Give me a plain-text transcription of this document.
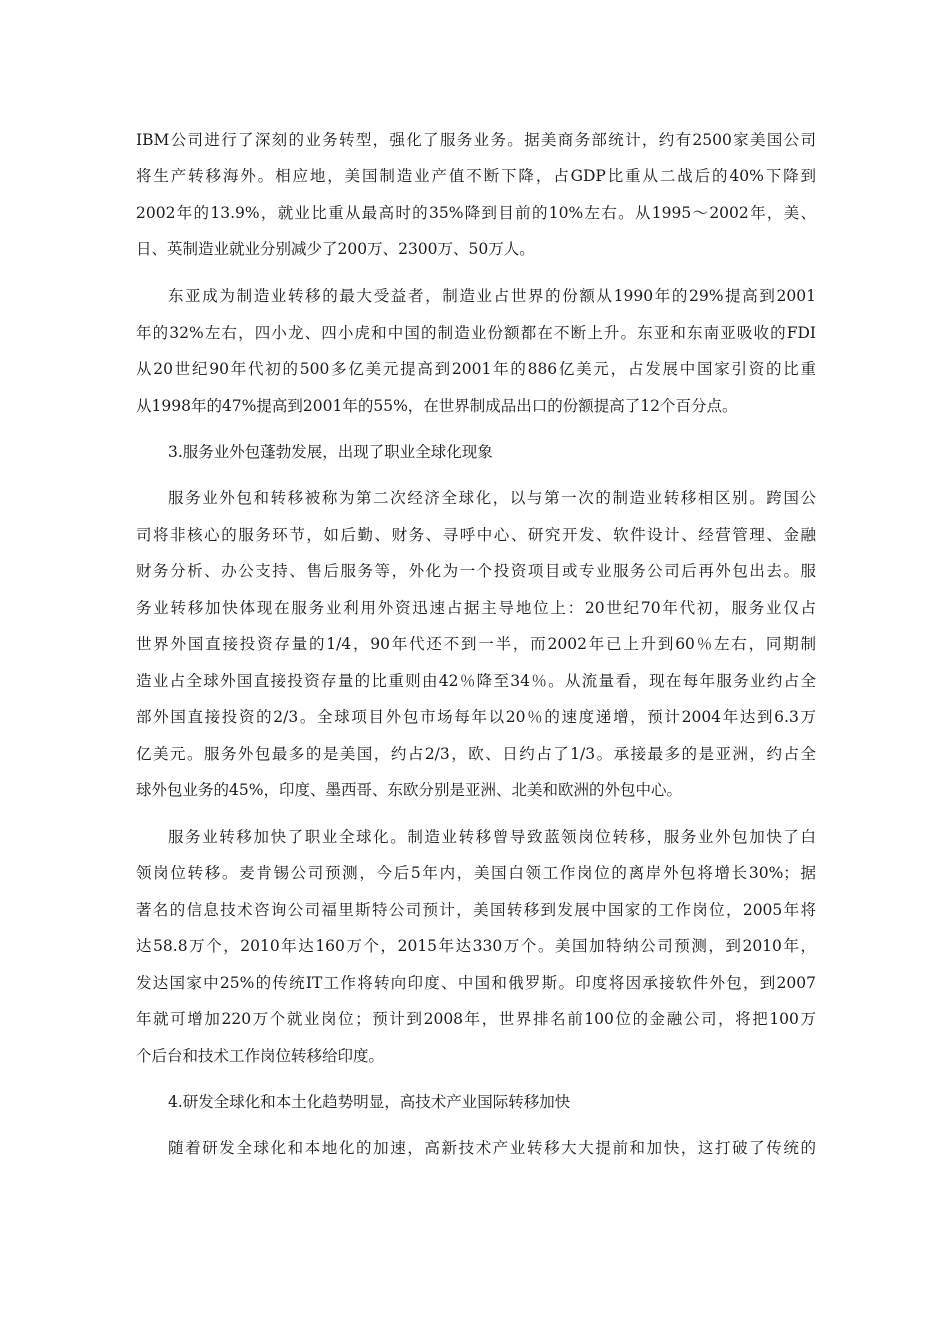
IBM公司进行了深刻的业务转型，强化了服务业务。据美商务部统计，约有2500家美国公司
将生产转移海外。相应地，美国制造业产值不断下降，占GDP比重从二战后的40%下降到
2002年的13.9%，就业比重从最高时的35%降到目前的10%左右。从1995～2002年，美、
日、英制造业就业分别减少了200万、2300万、50万人。
东亚成为制造业转移的最大受益者，制造业占世界的份额从1990年的29%提高到2001
年的32%左右，四小龙、四小虎和中国的制造业份额都在不断上升。东亚和东南亚吸收的FDI
从20世纪90年代初的500多亿美元提高到2001年的886亿美元，占发展中国家引资的比重
从1998年的47%提高到2001年的55%，在世界制成品出口的份额提高了12个百分点。
3.服务业外包蓬勃发展，出现了职业全球化现象
服务业外包和转移被称为第二次经济全球化，以与第一次的制造业转移相区别。跨国公
司将非核心的服务环节，如后勤、财务、寻呼中心、研究开发、软件设计、经营管理、金融
财务分析、办公支持、售后服务等，外化为一个投资项目或专业服务公司后再外包出去。服
务业转移加快体现在服务业利用外资迅速占据主导地位上：20世纪70年代初，服务业仅占
世界外国直接投资存量的1/4，90年代还不到一半，而2002年已上升到60％左右，同期制
造业占全球外国直接投资存量的比重则由42％降至34％。从流量看，现在每年服务业约占全
部外国直接投资的2/3。全球项目外包市场每年以20％的速度递增，预计2004年达到6.3万
亿美元。服务外包最多的是美国，约占2/3，欧、日约占了1/3。承接最多的是亚洲，约占全
球外包业务的45%，印度、墨西哥、东欧分别是亚洲、北美和欧洲的外包中心。
服务业转移加快了职业全球化。制造业转移曾导致蓝领岗位转移，服务业外包加快了白
领岗位转移。麦肯锡公司预测，今后5年内，美国白领工作岗位的离岸外包将增长30%；据
著名的信息技术咨询公司福里斯特公司预计，美国转移到发展中国家的工作岗位，2005年将
达58.8万个，2010年达160万个，2015年达330万个。美国加特纳公司预测，到2010年，
发达国家中25%的传统IT工作将转向印度、中国和俄罗斯。印度将因承接软件外包，到2007
年就可增加220万个就业岗位；预计到2008年，世界排名前100位的金融公司，将把100万
个后台和技术工作岗位转移给印度。
4.研发全球化和本土化趋势明显，高技术产业国际转移加快
随着研发全球化和本地化的加速，高新技术产业转移大大提前和加快，这打破了传统的
